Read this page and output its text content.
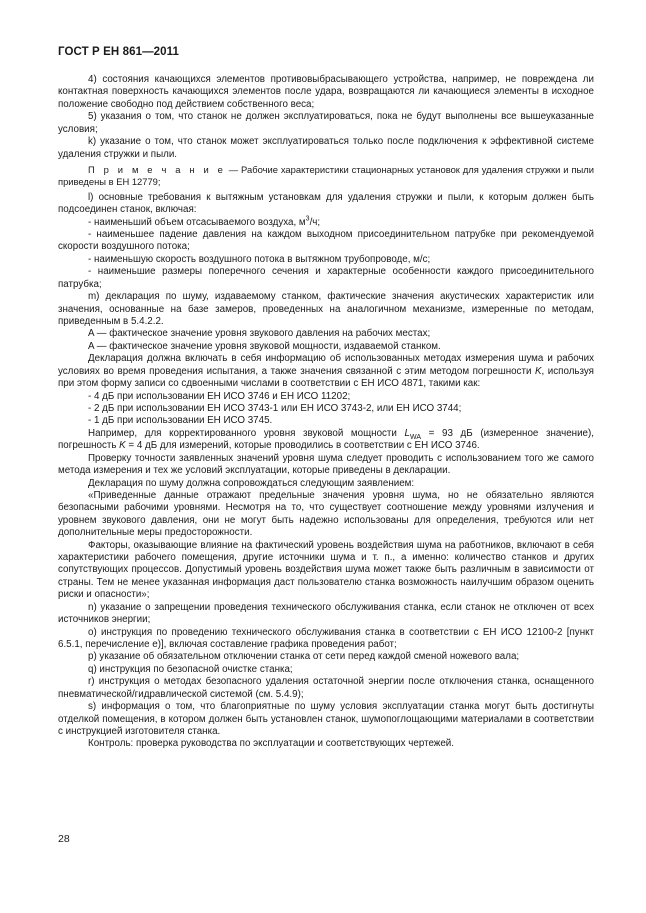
ГОСТ Р ЕН 861—2011

4) состояния качающихся элементов противовыбрасывающего устройства, например, не повреждена ли контактная поверхность качающихся элементов после удара, возвращаются ли качающиеся элементы в исходное положение свободно под действием собственного веса;

5) указания о том, что станок не должен эксплуатироваться, пока не будут выполнены все вышеуказанные условия;

k) указание о том, что станок может эксплуатироваться только после подключения к эффективной системе удаления стружки и пыли.

П р и м е ч а н и е — Рабочие характеристики стационарных установок для удаления стружки и пыли приведены в ЕН 12779;

l) основные требования к вытяжным установкам для удаления стружки и пыли, к которым должен быть подсоединен станок, включая:

- наименьший объем отсасываемого воздуха, $м^3/ч$;

- наименьшее падение давления на каждом выходном присоединительном патрубке при рекомендуемой скорости воздушного потока;

- наименьшую скорость воздушного потока в вытяжном трубопроводе, м/с;

- наименьшие размеры поперечного сечения и характерные особенности каждого присоединительного патрубка;

m) декларация по шуму, издаваемому станком, фактические значения акустических характеристик или значения, основанные на базе замеров, проведенных на аналогичном механизме, измеренные по методам, приведенным в 5.4.2.2.

A — фактическое значение уровня звукового давления на рабочих местах;

A — фактическое значение уровня звуковой мощности, издаваемой станком.

Декларация должна включать в себя информацию об использованных методах измерения шума и рабочих условиях во время проведения испытания, а также значения связанной с этим методом погрешности K, используя при этом форму записи со сдвоенными числами в соответствии с ЕН ИСО 4871, такими как:

- 4 дБ при использовании ЕН ИСО 3746 и ЕН ИСО 11202;

- 2 дБ при использовании ЕН ИСО 3743-1 или ЕН ИСО 3743-2, или ЕН ИСО 3744;

- 1 дБ при использовании ЕН ИСО 3745.

Например, для корректированного уровня звуковой мощности $L_{WA} = 93$ дБ (измеренное значение), погрешность K = 4 дБ для измерений, которые проводились в соответствии с ЕН ИСО 3746.

Проверку точности заявленных значений уровня шума следует проводить с использованием того же самого метода измерения и тех же условий эксплуатации, которые приведены в декларации.

Декларация по шуму должна сопровождаться следующим заявлением:

«Приведенные данные отражают предельные значения уровня шума, но не обязательно являются безопасными рабочими уровнями. Несмотря на то, что существует соотношение между уровнями излучения и уровнем звукового давления, они не могут быть надежно использованы для определения, требуются или нет дополнительные меры предосторожности.

Факторы, оказывающие влияние на фактический уровень воздействия шума на работников, включают в себя характеристики рабочего помещения, другие источники шума и т. п., а именно: количество станков и других сопутствующих процессов. Допустимый уровень воздействия шума может также быть различным в зависимости от страны. Тем не менее указанная информация даст пользователю станка возможность наилучшим образом оценить риски и опасности»;

n) указание о запрещении проведения технического обслуживания станка, если станок не отключен от всех источников энергии;

o) инструкция по проведению технического обслуживания станка в соответствии с ЕН ИСО 12100-2 [пункт 6.5.1, перечисление e)], включая составление графика проведения работ;

p) указание об обязательном отключении станка от сети перед каждой сменой ножевого вала;

q) инструкция по безопасной очистке станка;

r) инструкция о методах безопасного удаления остаточной энергии после отключения станка, оснащенного пневматической/гидравлической системой (см. 5.4.9);

s) информация о том, что благоприятные по шуму условия эксплуатации станка могут быть достигнуты отделкой помещения, в котором должен быть установлен станок, шумопоглощающими материалами в соответствии с инструкцией изготовителя станка.

Контроль: проверка руководства по эксплуатации и соответствующих чертежей.

28
